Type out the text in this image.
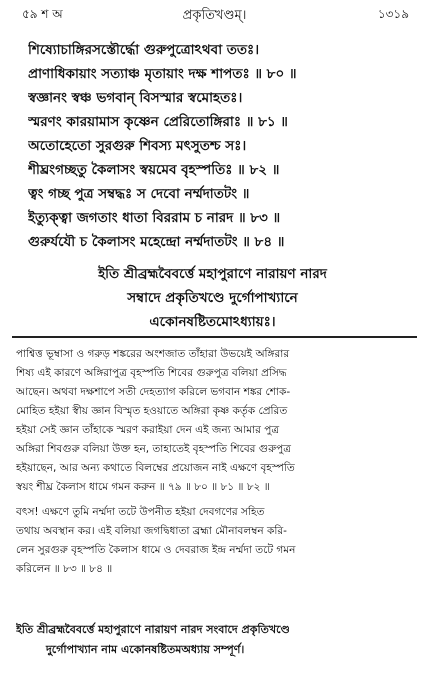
৫৯ শ অ	প্রকৃতিখণ্ডম্।	১৩১৯
শিষ্যোচাঙ্গিরসস্তৌর্দ্ধো গুরুপুত্রোঽথবা ততঃ।
প্রাণাধিকায়াং সত্যাঞ্চ মৃতায়াং দক্ষ শাপতঃ ॥ ৮০ ॥
স্বজ্ঞানং স্বঞ্চ ভগবান্ বিসস্মার স্বমোহতঃ।
স্মরণং কারয়ামাস কৃষ্ণেন প্রেরিতোঙ্গিরাঃ ॥ ৮১ ॥
অতোহেতো সুরগুরু শিবস্য মৎসুতশ্চ সঃ।
শীঘ্রংগচ্ছতু কৈলাসং স্বয়মেব বৃহস্পতিঃ ॥ ৮২ ॥
ত্বং গচ্ছ পুত্র সম্বদ্ধঃ স দেবো নর্ম্মদাতটং ॥
ইত্যুক্ত্বা জগতাং ধাতা বিররাম চ নারদ ॥ ৮৩ ॥
গুরুর্যযৌ চ কৈলাসং মহেন্দ্রো নর্ম্মদাতটং ॥ ৮৪ ॥
ইতি শ্রীব্রহ্মবৈবর্ত্তে মহাপুরাণে নারায়ণ নারদ
সম্বাদে প্রকৃতিখণ্ডে দুর্গোপাখ্যানে
একোনষষ্টিতমোঽধ্যায়ঃ।
পাশ্বিত্ত ভূম্বাসা ও গরুড় শঙ্করের অংশজাত তাঁহারা উভয়েই অঙ্গিরার
শিষ্য এই কারণে অঙ্গিরাপুত্র বৃহস্পতি শিবের গুরুপুত্র বলিয়া প্রসিদ্ধ
আছেন। অথবা দক্ষশাপে সতী দেহত্যাগ করিলে ভগবান শঙ্কর শোক-
মোহিত হইয়া স্বীয় জ্ঞান বিস্মৃত হওয়াতে অঙ্গিরা কৃষ্ণ কর্তৃক প্রেরিত
হইয়া সেই জ্ঞান তাঁহাকে স্মরণ করাইয়া দেন এই জন্য আমার পুত্র
অঙ্গিরা শিবগুরু বলিয়া উক্ত হন, তাহাতেই বৃহস্পতি শিবের গুরুপুত্র
হইয়াছেন, আর অন্য কথাতে বিলম্বের প্রয়োজন নাই এক্ষণে বৃহস্পতি
স্বয়ং শীঘ্র কৈলাস ধামে গমন করুন ॥ ৭৯ ॥ ৮০ ॥ ৮১ ॥ ৮২ ॥
বৎস! এক্ষণে তুমি নর্ম্মদা তটে উপনীত হইয়া দেবগণের সহিত
তথায় অবস্থান কর। এই বলিয়া জগদ্বিধাতা ব্রহ্মা মৌনাবলম্বন করি-
লেন সুরগুরু বৃহস্পতি কৈলাস ধামে ও দেবরাজ ইন্দ্র নর্ম্মদা তটে গমন
করিলেন ॥ ৮৩ ॥ ৮৪ ॥
ইতি শ্রীব্রহ্মবৈবর্ত্তে মহাপুরাণে নারায়ণ নারদ সংবাদে প্রকৃতিখণ্ডে
দুর্গোপাখ্যান নাম একোনষষ্টিতমঅধ্যায় সম্পূর্ণ।
